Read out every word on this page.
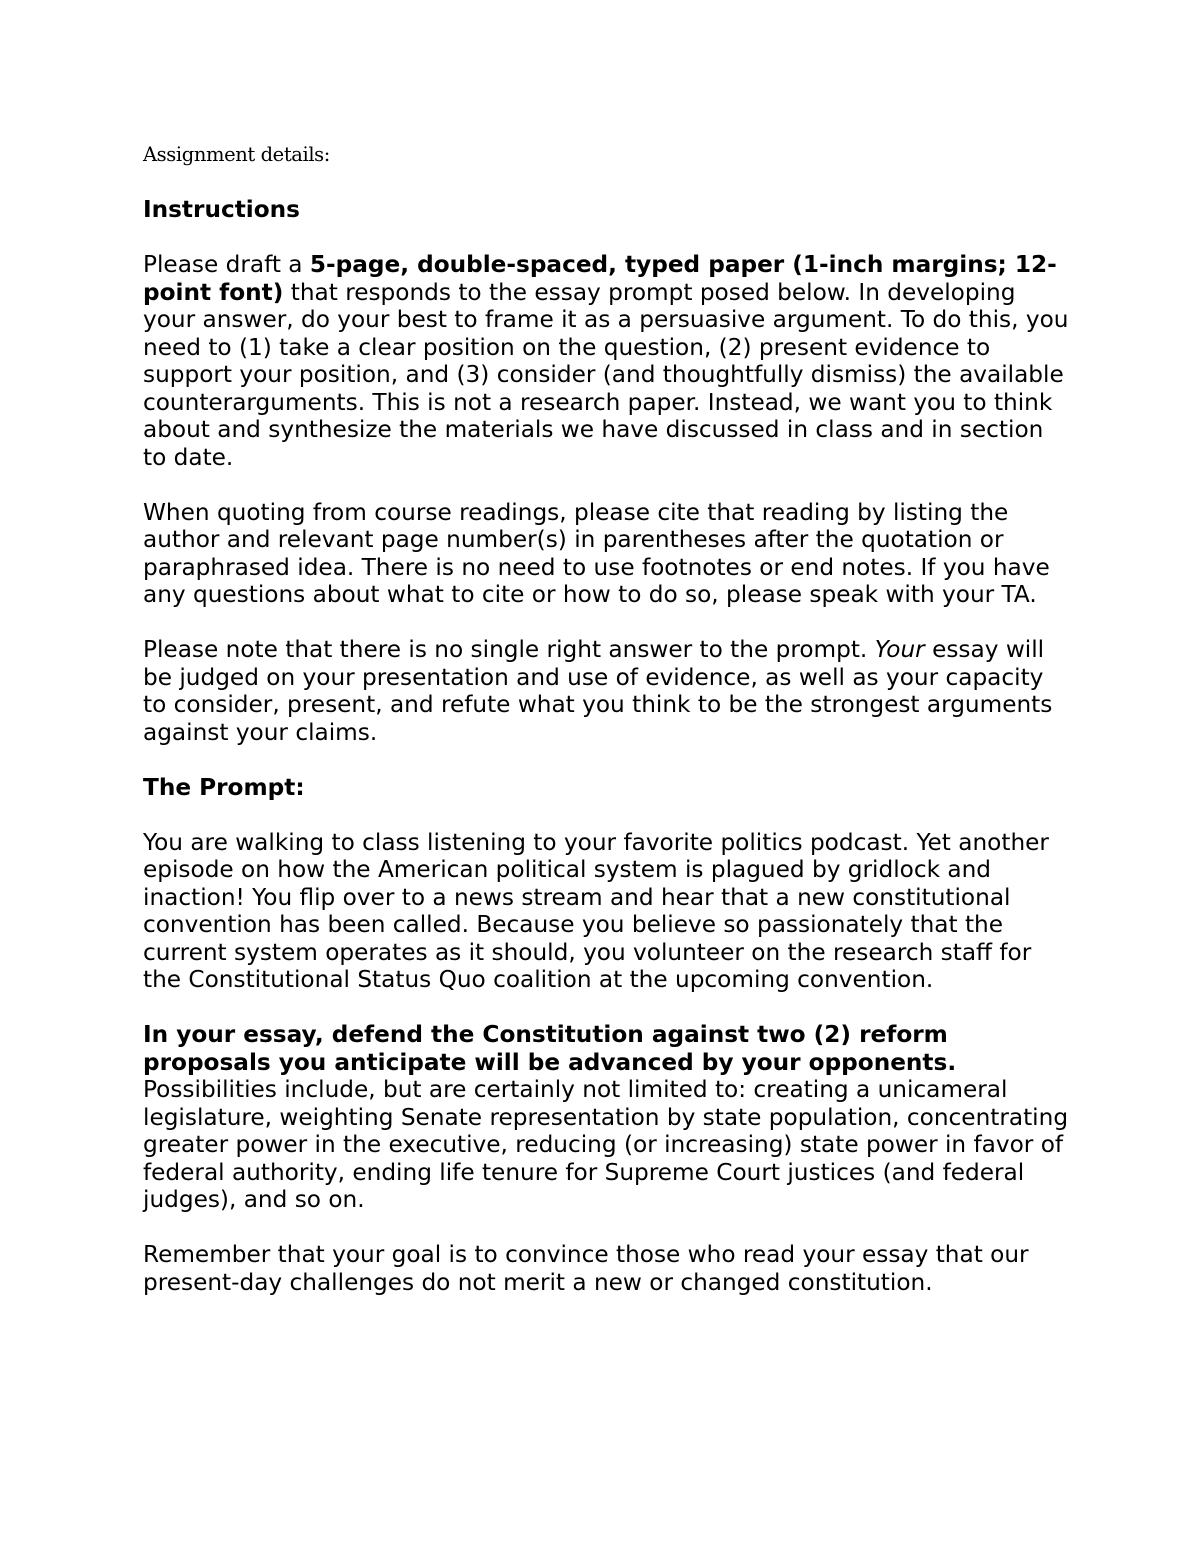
Assignment details:
Instructions
Please draft a 5-page, double-spaced, typed paper (1-inch margins; 12-point font) that responds to the essay prompt posed below. In developing your answer, do your best to frame it as a persuasive argument. To do this, you need to (1) take a clear position on the question, (2) present evidence to support your position, and (3) consider (and thoughtfully dismiss) the available counterarguments. This is not a research paper. Instead, we want you to think about and synthesize the materials we have discussed in class and in section to date.
When quoting from course readings, please cite that reading by listing the author and relevant page number(s) in parentheses after the quotation or paraphrased idea. There is no need to use footnotes or end notes. If you have any questions about what to cite or how to do so, please speak with your TA.
Please note that there is no single right answer to the prompt. Your essay will be judged on your presentation and use of evidence, as well as your capacity to consider, present, and refute what you think to be the strongest arguments against your claims.
The Prompt:
You are walking to class listening to your favorite politics podcast. Yet another episode on how the American political system is plagued by gridlock and inaction! You flip over to a news stream and hear that a new constitutional convention has been called. Because you believe so passionately that the current system operates as it should, you volunteer on the research staff for the Constitutional Status Quo coalition at the upcoming convention.
In your essay, defend the Constitution against two (2) reform proposals you anticipate will be advanced by your opponents. Possibilities include, but are certainly not limited to: creating a unicameral legislature, weighting Senate representation by state population, concentrating greater power in the executive, reducing (or increasing) state power in favor of federal authority, ending life tenure for Supreme Court justices (and federal judges), and so on.
Remember that your goal is to convince those who read your essay that our present-day challenges do not merit a new or changed constitution.
